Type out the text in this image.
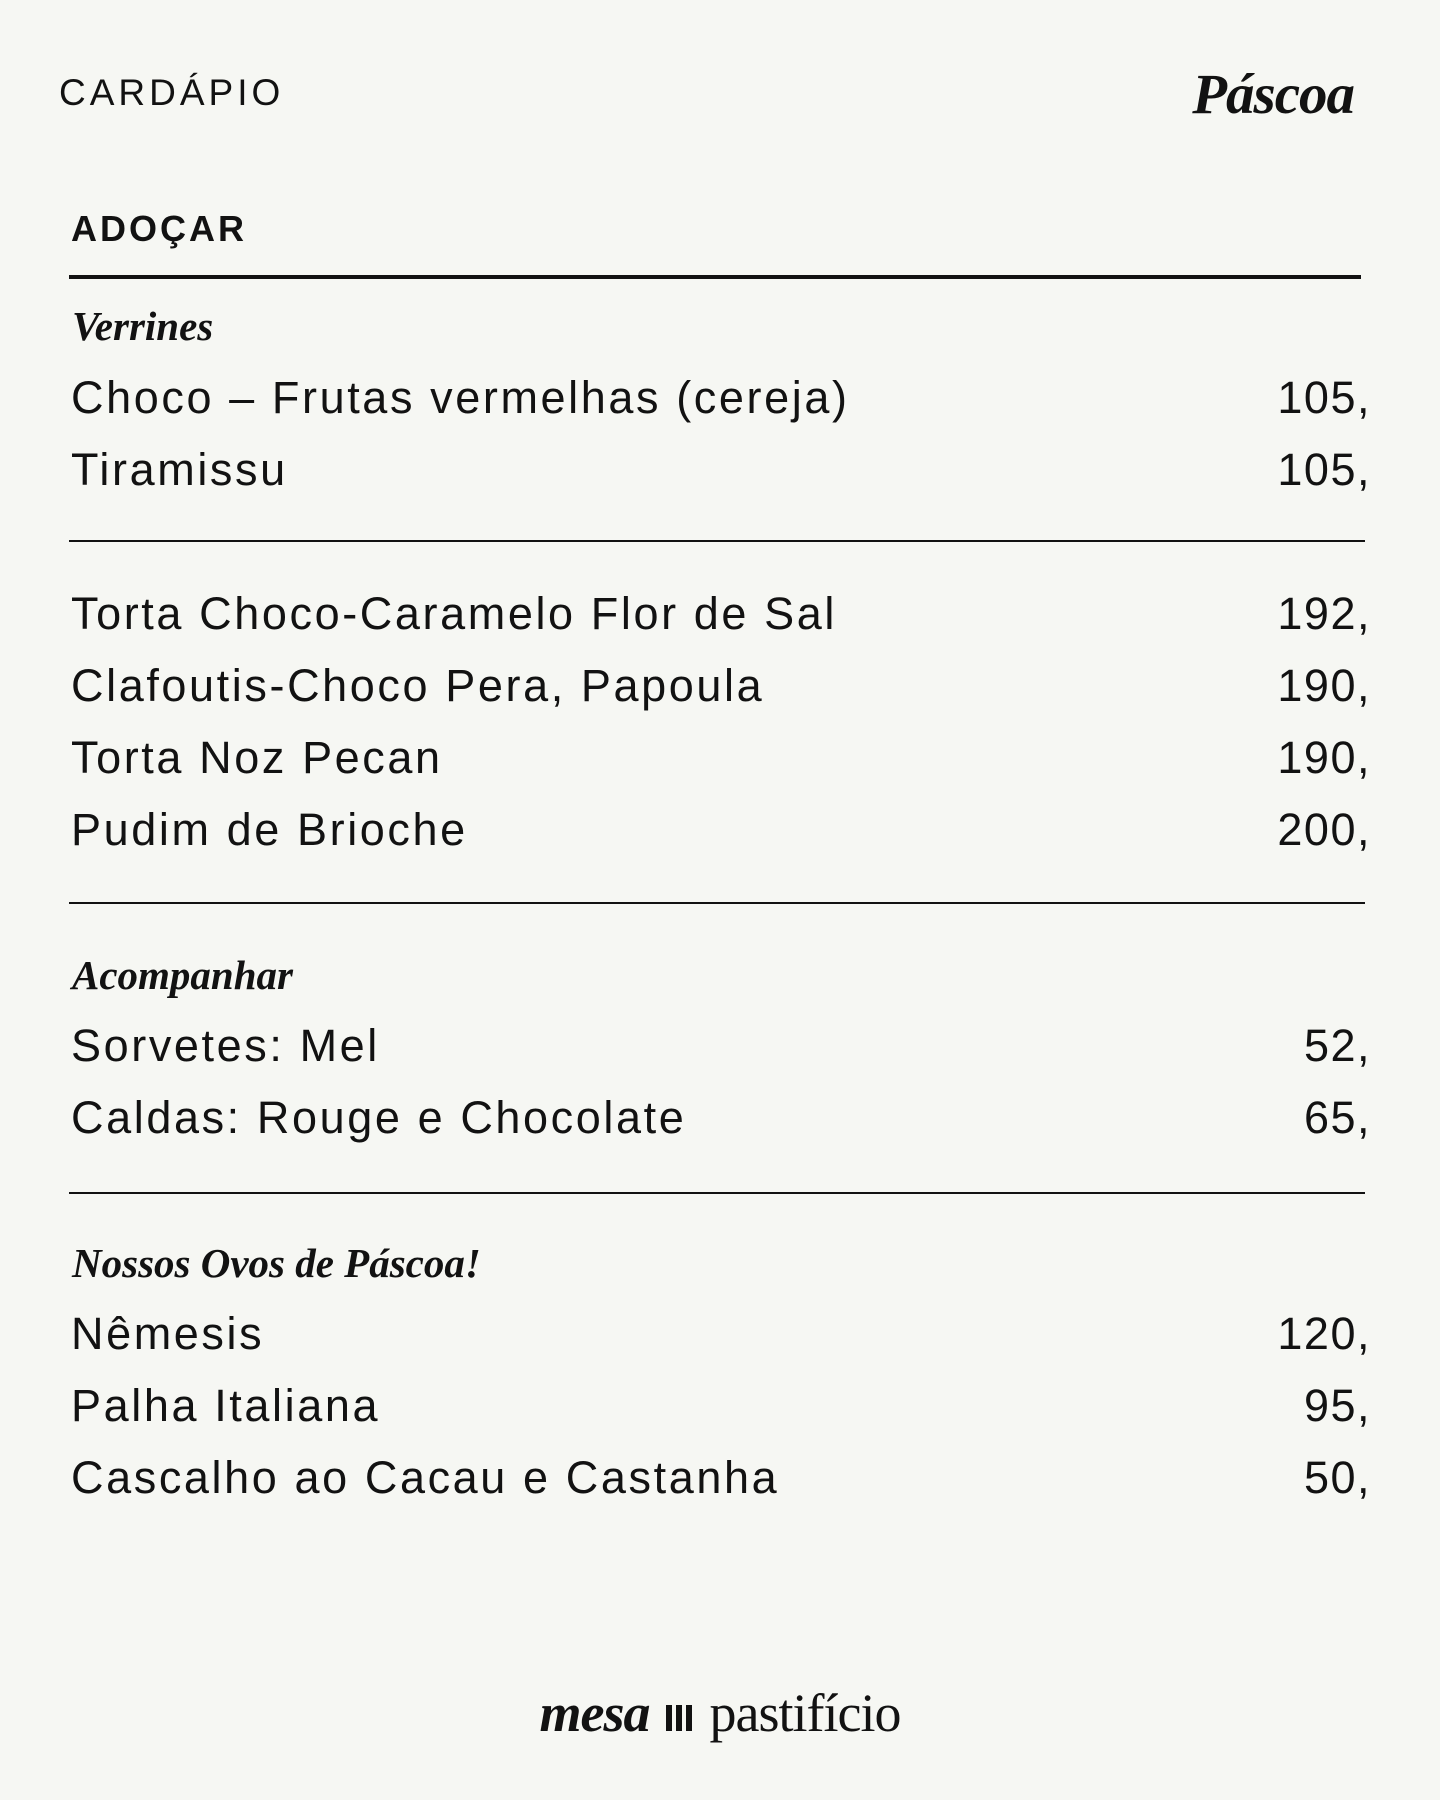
CARDÁPIO	Páscoa
ADOÇAR
Verrines
Choco – Frutas vermelhas (cereja)	105,
Tiramissu	105,
Torta Choco-Caramelo Flor de Sal	192,
Clafoutis-Choco Pera, Papoula	190,
Torta Noz Pecan	190,
Pudim de Brioche	200,
Acompanhar
Sorvetes: Mel	52,
Caldas: Rouge e Chocolate	65,
Nossos Ovos de Páscoa!
Nêmesis	120,
Palha Italiana	95,
Cascalho ao Cacau e Castanha	50,
mesa pastifício
